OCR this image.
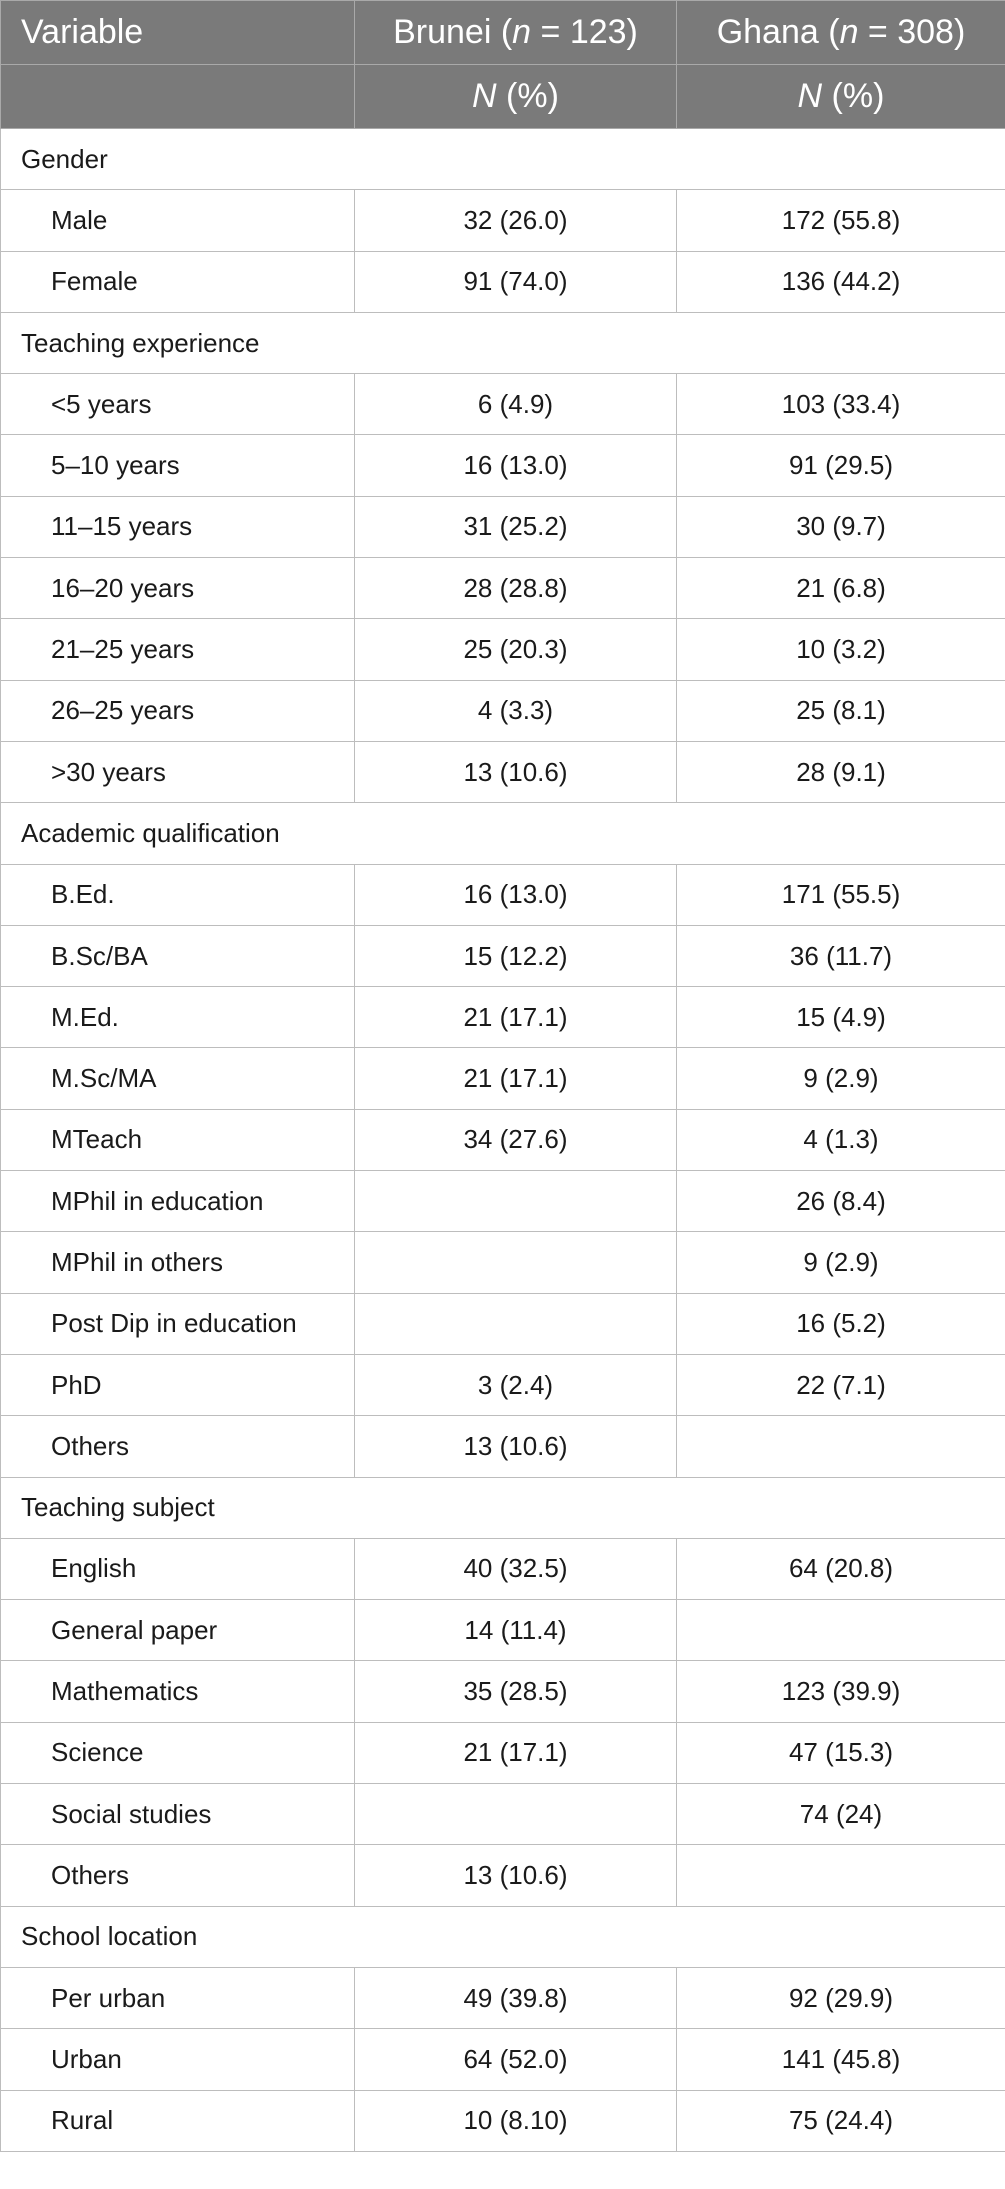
Variable	Brunei (n = 123)	Ghana (n = 308)
	N (%)	N (%)
Gender		
Male	32 (26.0)	172 (55.8)
Female	91 (74.0)	136 (44.2)
Teaching experience		
<5 years	6 (4.9)	103 (33.4)
5–10 years	16 (13.0)	91 (29.5)
11–15 years	31 (25.2)	30 (9.7)
16–20 years	28 (28.8)	21 (6.8)
21–25 years	25 (20.3)	10 (3.2)
26–25 years	4 (3.3)	25 (8.1)
>30 years	13 (10.6)	28 (9.1)
Academic qualification		
B.Ed.	16 (13.0)	171 (55.5)
B.Sc/BA	15 (12.2)	36 (11.7)
M.Ed.	21 (17.1)	15 (4.9)
M.Sc/MA	21 (17.1)	9 (2.9)
MTeach	34 (27.6)	4 (1.3)
MPhil in education		26 (8.4)
MPhil in others		9 (2.9)
Post Dip in education		16 (5.2)
PhD	3 (2.4)	22 (7.1)
Others	13 (10.6)	
Teaching subject		
English	40 (32.5)	64 (20.8)
General paper	14 (11.4)	
Mathematics	35 (28.5)	123 (39.9)
Science	21 (17.1)	47 (15.3)
Social studies		74 (24)
Others	13 (10.6)	
School location		
Per urban	49 (39.8)	92 (29.9)
Urban	64 (52.0)	141 (45.8)
Rural	10 (8.10)	75 (24.4)
